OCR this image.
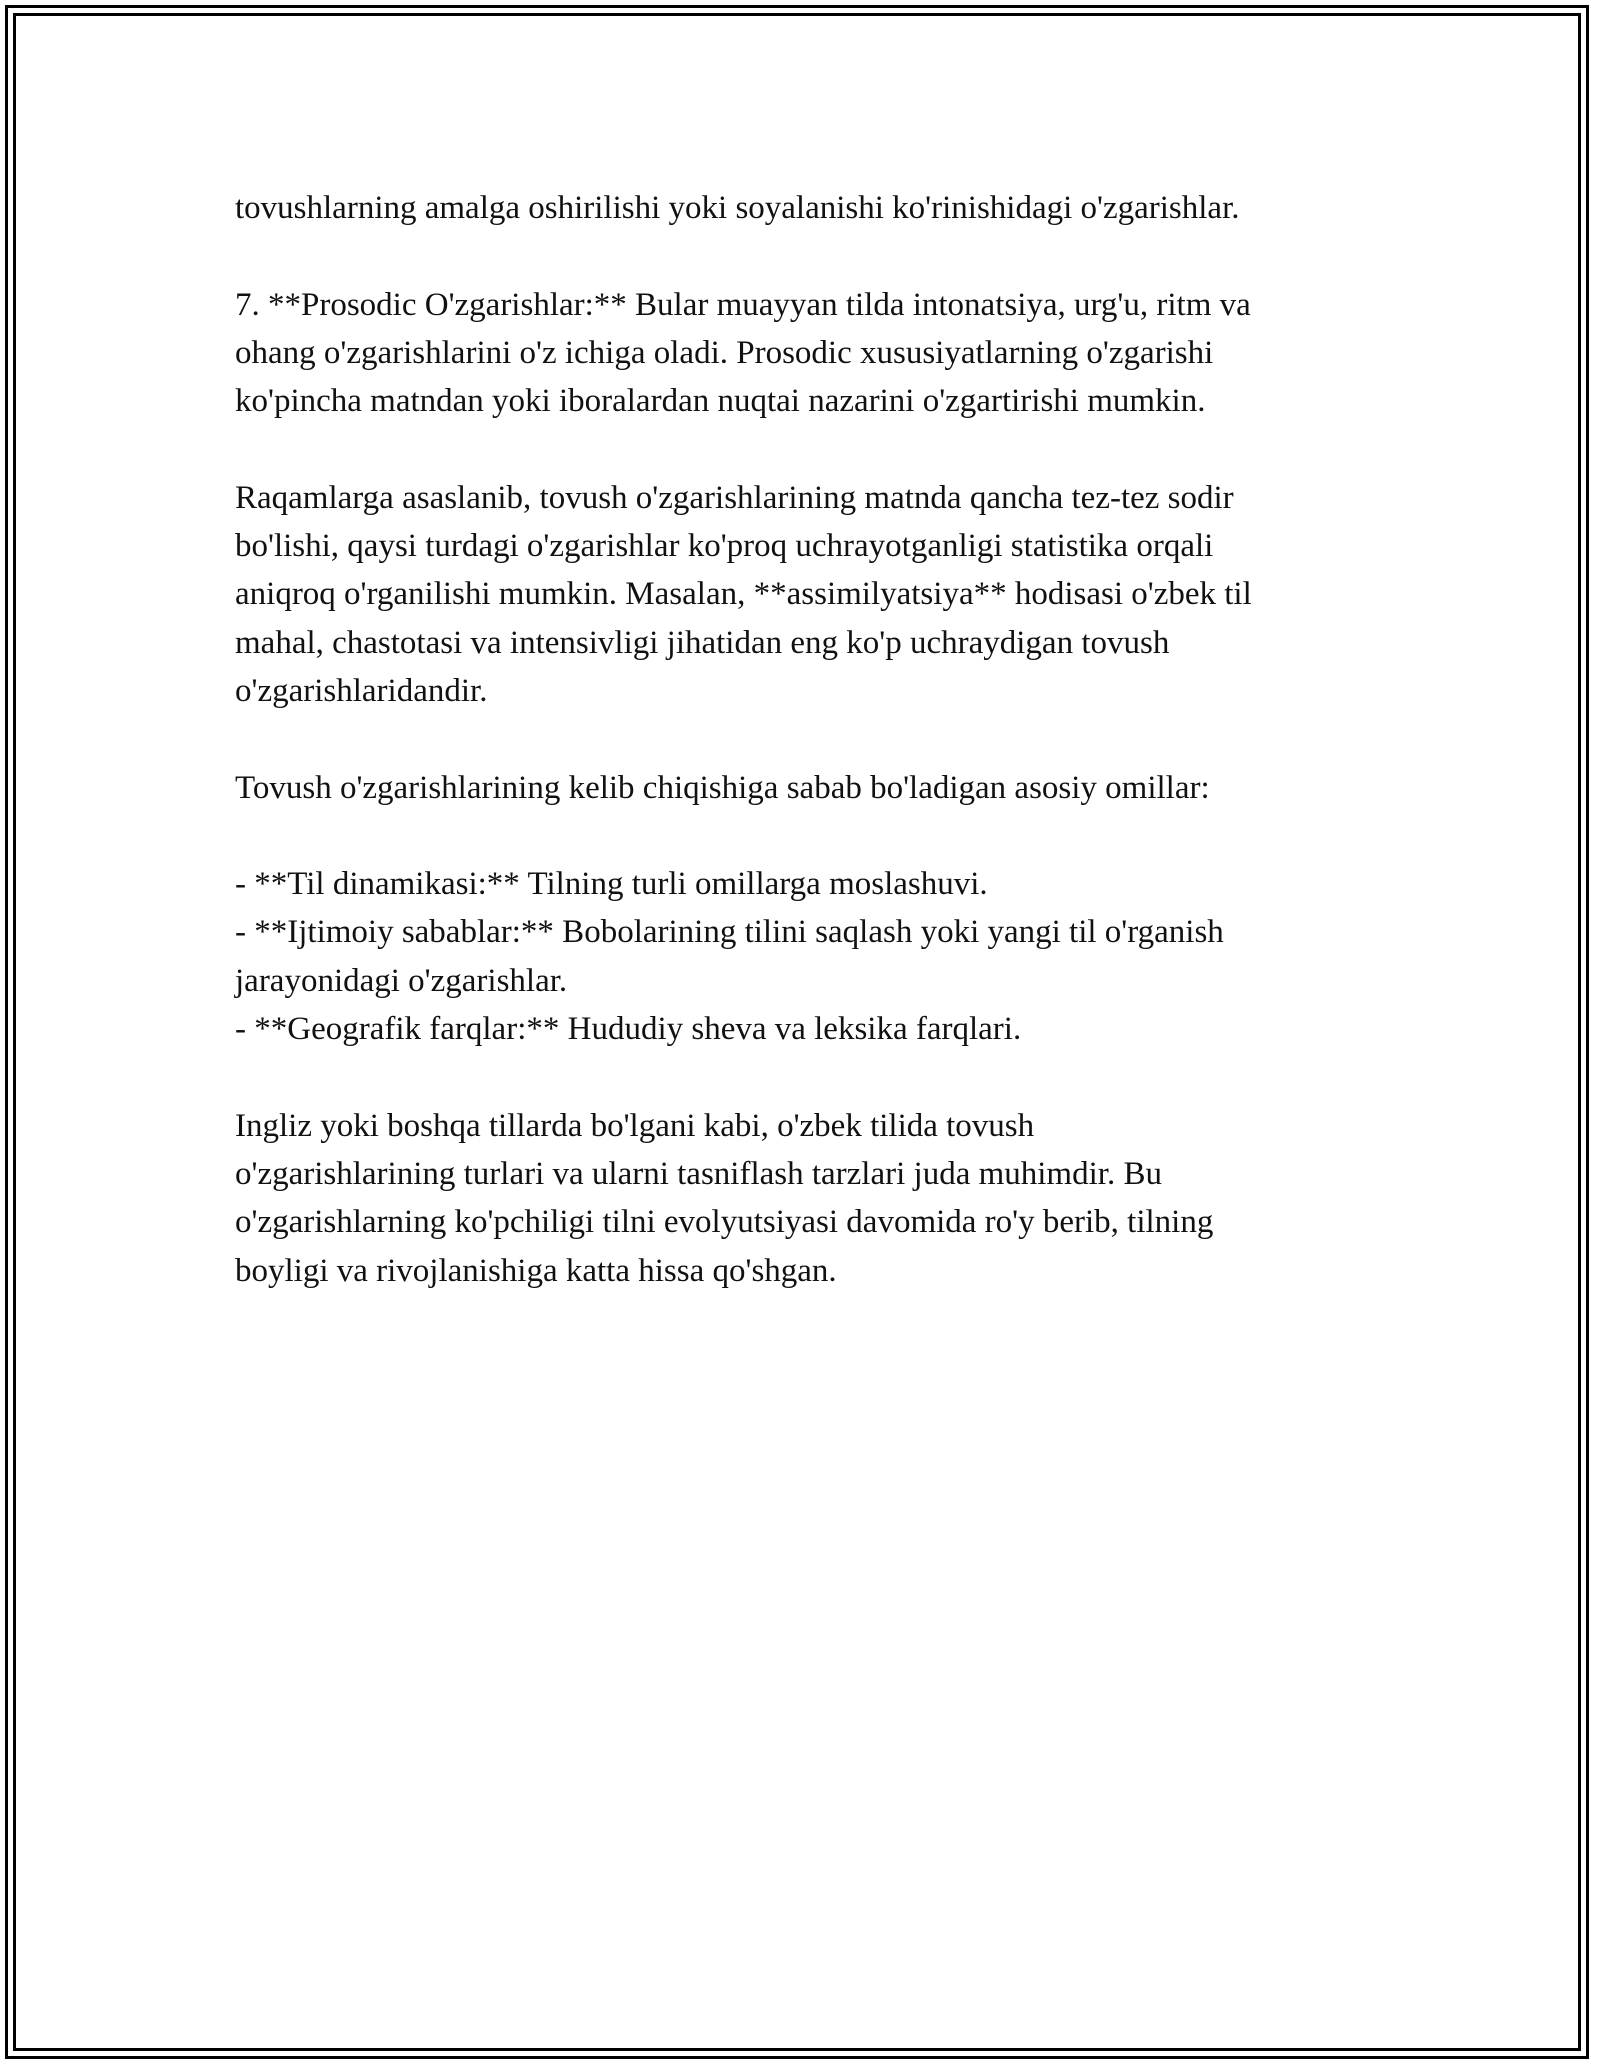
tovushlarning amalga oshirilishi yoki soyalanishi ko'rinishidagi o'zgarishlar.

7. **Prosodic O'zgarishlar:** Bular muayyan tilda intonatsiya, urg'u, ritm va
ohang o'zgarishlarini o'z ichiga oladi. Prosodic xususiyatlarning o'zgarishi
ko'pincha matndan yoki iboralardan nuqtai nazarini o'zgartirishi mumkin.

Raqamlarga asaslanib, tovush o'zgarishlarining matnda qancha tez-tez sodir
bo'lishi, qaysi turdagi o'zgarishlar ko'proq uchrayotganligi statistika orqali
aniqroq o'rganilishi mumkin. Masalan, **assimilyatsiya** hodisasi o'zbek til
mahal, chastotasi va intensivligi jihatidan eng ko'p uchraydigan tovush
o'zgarishlaridandir.

Tovush o'zgarishlarining kelib chiqishiga sabab bo'ladigan asosiy omillar:

- **Til dinamikasi:** Tilning turli omillarga moslashuvi.

- **Ijtimoiy sabablar:** Bobolarining tilini saqlash yoki yangi til o'rganish
jarayonidagi o'zgarishlar.

- **Geografik farqlar:** Hududiy sheva va leksika farqlari.

Ingliz yoki boshqa tillarda bo'lgani kabi, o'zbek tilida tovush
o'zgarishlarining turlari va ularni tasniflash tarzlari juda muhimdir. Bu
o'zgarishlarning ko'pchiligi tilni evolyutsiyasi davomida ro'y berib, tilning
boyligi va rivojlanishiga katta hissa qo'shgan.
